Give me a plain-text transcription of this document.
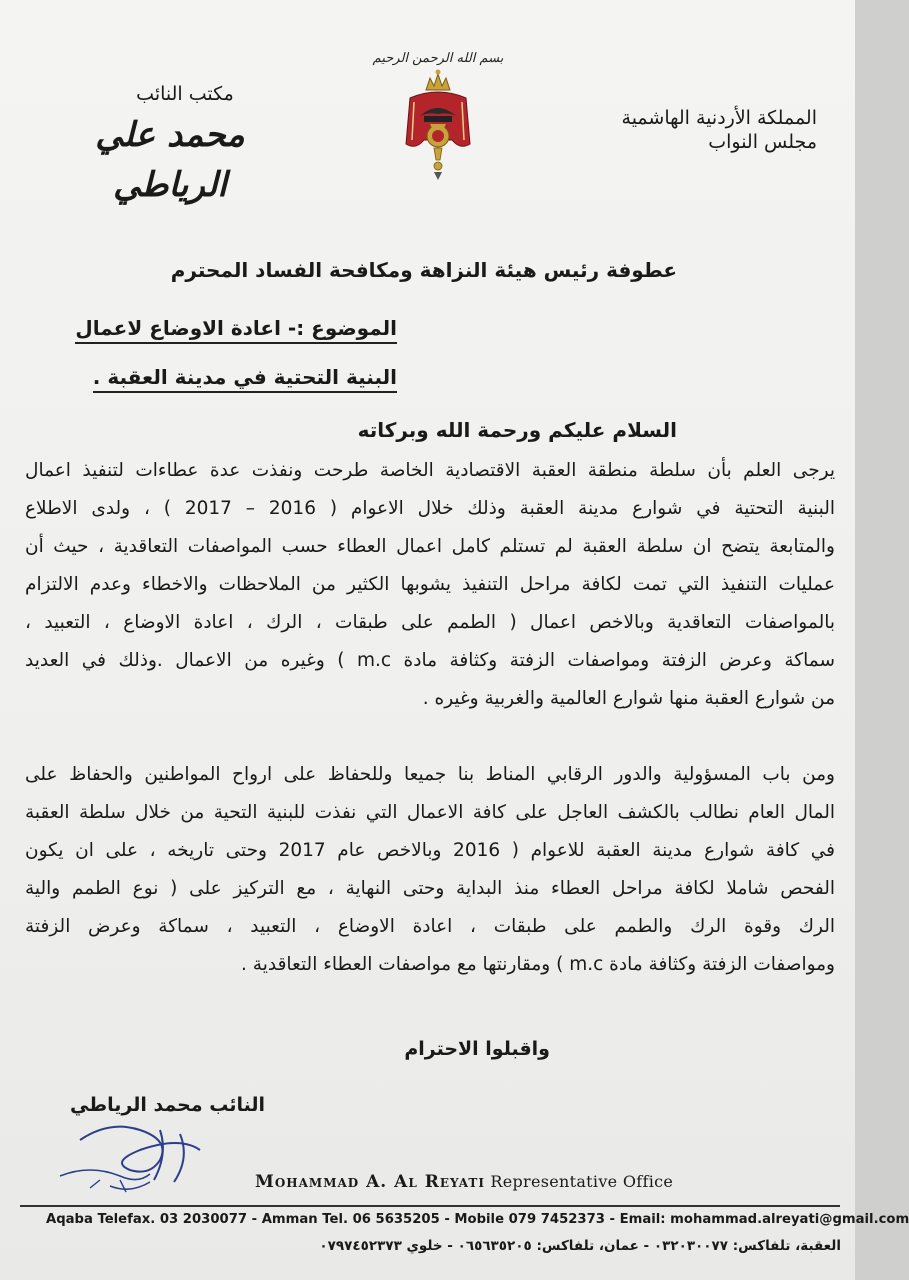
المملكة الأردنية الهاشمية
مجلس النواب
بسم الله الرحمن الرحيم
مكتب النائب
محمد علي الرياطي
عطوفة رئيس هيئة النزاهة ومكافحة الفساد المحترم
الموضوع :- اعادة الاوضاع لاعمال
البنية التحتية في مدينة العقبة .
السلام عليكم ورحمة الله وبركاته
يرجى العلم بأن سلطة منطقة العقبة الاقتصادية الخاصة طرحت ونفذت عدة عطاءات لتنفيذ اعمال
البنية التحتية في شوارع مدينة العقبة وذلك خلال الاعوام ( 2016 – 2017 ) ، ولدى الاطلاع
والمتابعة يتضح ان سلطة العقبة لم تستلم كامل اعمال العطاء حسب المواصفات التعاقدية ، حيث أن
عمليات التنفيذ التي تمت لكافة مراحل التنفيذ يشوبها الكثير من الملاحظات والاخطاء وعدم الالتزام
بالمواصفات التعاقدية وبالاخص اعمال ( الطمم على طبقات ، الرك ، اعادة الاوضاع ، التعبيد ،
سماكة وعرض الزفتة ومواصفات الزفتة وكثافة مادة m.c ) وغيره من الاعمال .وذلك في العديد
من شوارع العقبة منها شوارع العالمية والغربية وغيره .
ومن باب المسؤولية والدور الرقابي المناط بنا جميعا وللحفاظ على ارواح المواطنين والحفاظ على
المال العام نطالب بالكشف العاجل على كافة الاعمال التي نفذت للبنية التحية من خلال سلطة العقبة
في كافة شوارع مدينة العقبة للاعوام ( 2016 وبالاخص عام 2017 وحتى تاريخه ، على ان يكون
الفحص شاملا لكافة مراحل العطاء منذ البداية وحتى النهاية ، مع التركيز على ( نوع الطمم والية
الرك وقوة الرك والطمم على طبقات ، اعادة الاوضاع ، التعبيد ، سماكة وعرض الزفتة
ومواصفات الزفتة وكثافة مادة m.c ) ومقارنتها مع مواصفات العطاء التعاقدية .
واقبلوا الاحترام
النائب محمد الرياطي
Mohammad A. Al Reyati Representative Office
Aqaba Telefax. 03 2030077 - Amman Tel. 06 5635205 - Mobile 079 7452373 - Email: mohammad.alreyati@gmail.com
العقبة، تلفاكس: ٠٣٢٠٣٠٠٧٧ - عمان، تلفاكس: ٠٦٥٦٣٥٢٠٥ - خلوي ٠٧٩٧٤٥٢٣٧٣
